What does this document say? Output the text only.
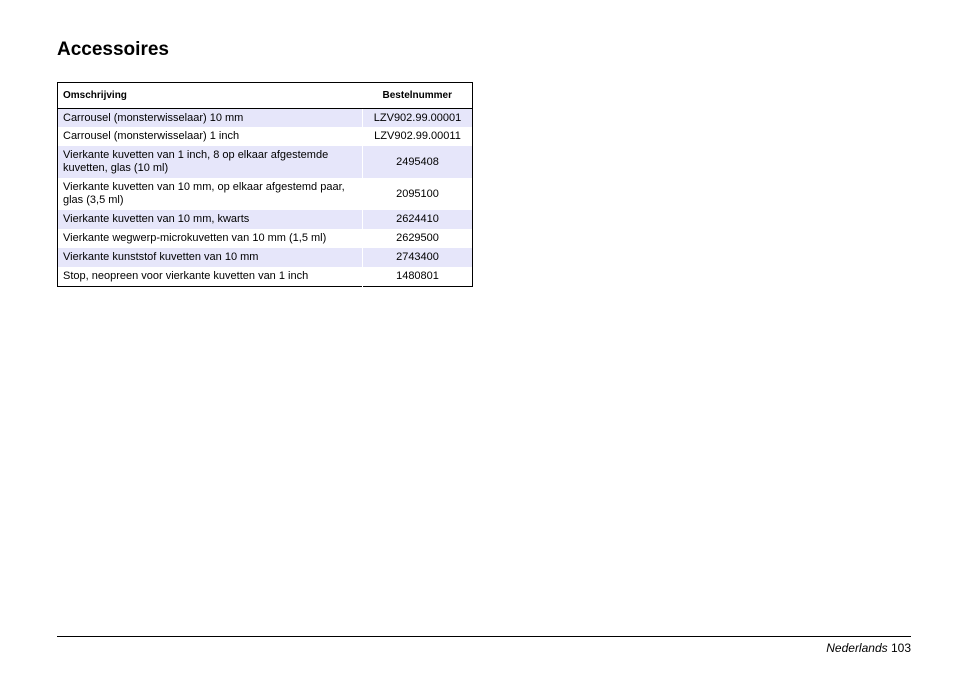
Accessoires
Omschrijving	Bestelnummer
Carrousel (monsterwisselaar) 10 mm	LZV902.99.00001
Carrousel (monsterwisselaar) 1 inch	LZV902.99.00011
Vierkante kuvetten van 1 inch, 8 op elkaar afgestemde kuvetten, glas (10 ml)	2495408
Vierkante kuvetten van 10 mm, op elkaar afgestemd paar, glas (3,5 ml)	2095100
Vierkante kuvetten van 10 mm, kwarts	2624410
Vierkante wegwerp-microkuvetten van 10 mm (1,5 ml)	2629500
Vierkante kunststof kuvetten van 10 mm	2743400
Stop, neopreen voor vierkante kuvetten van 1 inch	1480801
Nederlands 103
